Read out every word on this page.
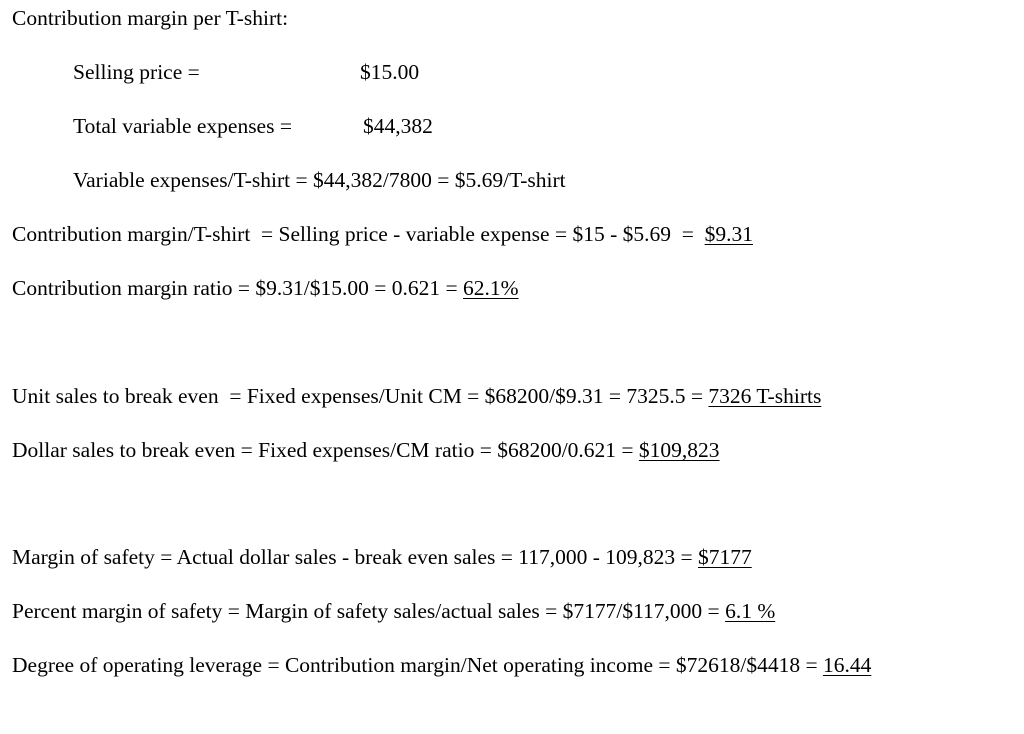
Contribution margin per T-shirt:
Selling price =	$15.00
Total variable expenses =	$44,382
Variable expenses/T-shirt = $44,382/7800 = $5.69/T-shirt
Contribution margin/T-shirt  = Selling price - variable expense = $15 - $5.69  =  $9.31
Contribution margin ratio = $9.31/$15.00 = 0.621 = 62.1%
Unit sales to break even  = Fixed expenses/Unit CM = $68200/$9.31 = 7325.5 = 7326 T-shirts
Dollar sales to break even = Fixed expenses/CM ratio = $68200/0.621 = $109,823
Margin of safety = Actual dollar sales - break even sales = 117,000 - 109,823 = $7177
Percent margin of safety = Margin of safety sales/actual sales = $7177/$117,000 = 6.1 %
Degree of operating leverage = Contribution margin/Net operating income = $72618/$4418 = 16.44
